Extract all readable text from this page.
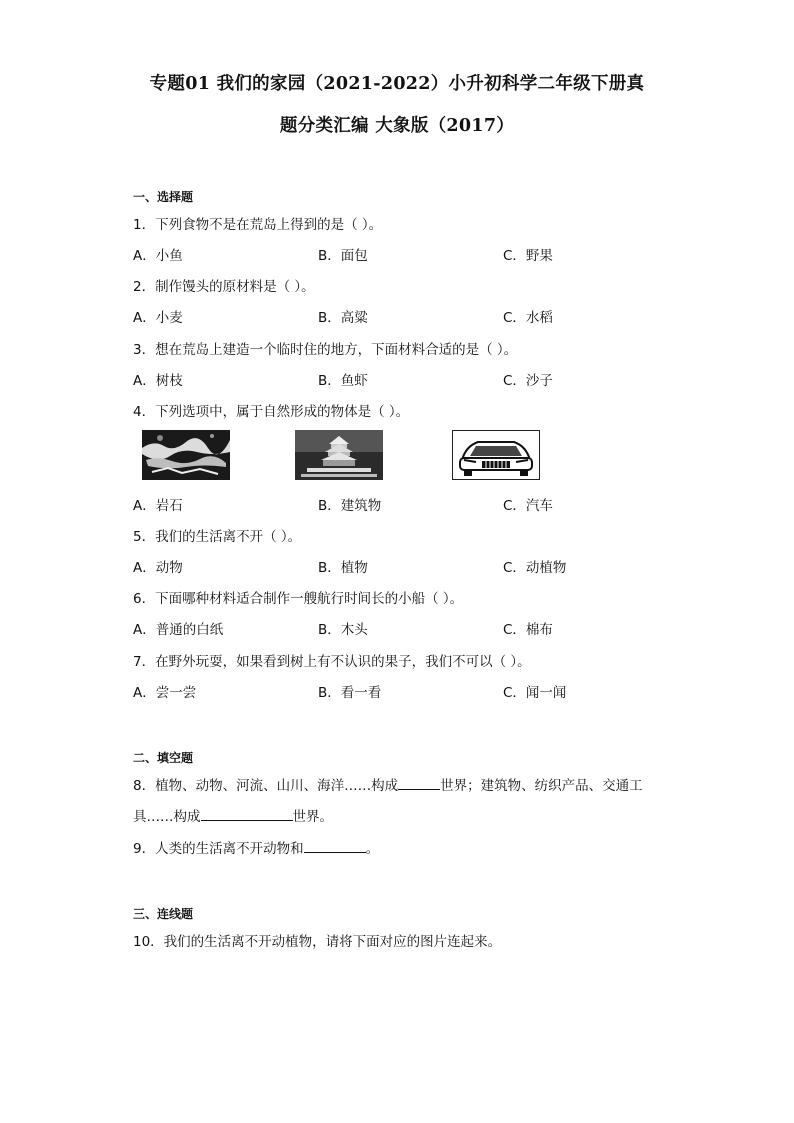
专题01 我们的家园（2021-2022）小升初科学二年级下册真
题分类汇编 大象版（2017）
一、选择题
1．下列食物不是在荒岛上得到的是（ ）。
A．小鱼	B．面包	C．野果
2．制作馒头的原材料是（ ）。
A．小麦	B．高粱	C．水稻
3．想在荒岛上建造一个临时住的地方，下面材料合适的是（ ）。
A．树枝	B．鱼虾	C．沙子
4．下列选项中，属于自然形成的物体是（ ）。
A．岩石	B．建筑物	C．汽车
5．我们的生活离不开（ ）。
A．动物	B．植物	C．动植物
6．下面哪种材料适合制作一艘航行时间长的小船（ ）。
A．普通的白纸	B．木头	C．棉布
7．在野外玩耍，如果看到树上有不认识的果子，我们不可以（ ）。
A．尝一尝	B．看一看	C．闻一闻
二、填空题
8．植物、动物、河流、山川、海洋……构成	世界；建筑物、纺织产品、交通工
具……构成	世界。
9．人类的生活离不开动物和	。
三、连线题
10．我们的生活离不开动植物，请将下面对应的图片连起来。
